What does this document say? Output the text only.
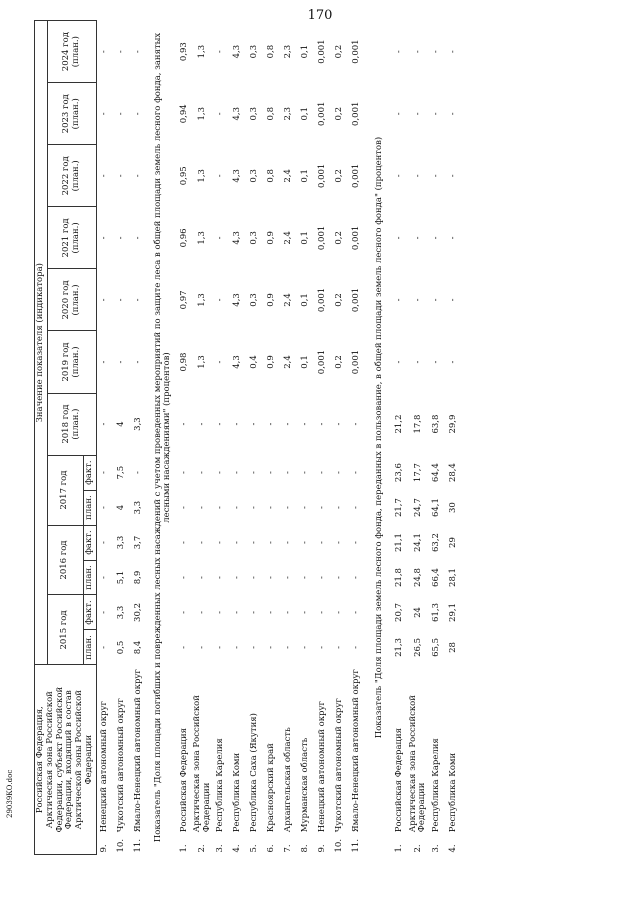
170
29039КО.doc Российская Федерация,
Арктическая зона Российской Федерации, субъект Российской Федерации, входящий в состав Арктической зоны Российской Федерации		Значение показателя (индикатора)												
		2015 год		2016 год		2017 год		2018 год (план.)	2019 год (план.)	2020 год (план.)	2021 год (план.)	2022 год (план.)	2023 год (план.)	2024 год (план.)
		план.	факт.	план.	факт.	план.	факт.							
9.	Ненецкий автономный округ	-	-	-	-	-	-	-	-	-	-	-	-	-
10.	Чукотский автономный округ	0,5	3,3	5,1	3,3	4	7,5	4	-	-	-	-	-	-
11.	Ямало-Ненецкий автономный округ	8,4	30,2	8,9	3,7	3,3	-	3,3	-	-	-	-	-	-
Показатель "Доля площади погибших и поврежденных лесных насаждений с учетом проведенных мероприятий по защите леса в общей площади земель лесного фонда, занятых лесными насаждениями" (процентов)														
1.	Российская Федерация	-	-	-	-	-	-	-	0,98	0,97	0,96	0,95	0,94	0,93
2.	Арктическая зона Российской Федерации	-	-	-	-	-	-	-	1,3	1,3	1,3	1,3	1,3	1,3
3.	Республика Карелия	-	-	-	-	-	-	-	-	-	-	-	-	-
4.	Республика Коми	-	-	-	-	-	-	-	4,3	4,3	4,3	4,3	4,3	4,3
5.	Республика Саха (Якутия)	-	-	-	-	-	-	-	0,4	0,3	0,3	0,3	0,3	0,3
6.	Красноярский край	-	-	-	-	-	-	-	0,9	0,9	0,9	0,8	0,8	0,8
7.	Архангельская область	-	-	-	-	-	-	-	2,4	2,4	2,4	2,4	2,3	2,3
8.	Мурманская область	-	-	-	-	-	-	-	0,1	0,1	0,1	0,1	0,1	0,1
9.	Ненецкий автономный округ	-	-	-	-	-	-	-	0,001	0,001	0,001	0,001	0,001	0,001
10.	Чукотский автономный округ	-	-	-	-	-	-	-	0,2	0,2	0,2	0,2	0,2	0,2
11.	Ямало-Ненецкий автономный округ	-	-	-	-	-	-	-	0,001	0,001	0,001	0,001	0,001	0,001
Показатель "Доля площади земель лесного фонда, переданных в пользование, в общей площади земель лесного фонда" (процентов)														
1.	Российская Федерация	21,3	20,7	21,8	21,1	21,7	23,6	21,2	-	-	-	-	-	-
2.	Арктическая зона Российской Федерации	26,5	24	24,8	24,1	24,7	17,7	17,8	-	-	-	-	-	-
3.	Республика Карелия	65,5	61,3	66,4	63,2	64,1	64,4	63,8	-	-	-	-	-	-
4.	Республика Коми	28	29,1	28,1	29	30	28,4	29,9	-	-	-	-	-	-
